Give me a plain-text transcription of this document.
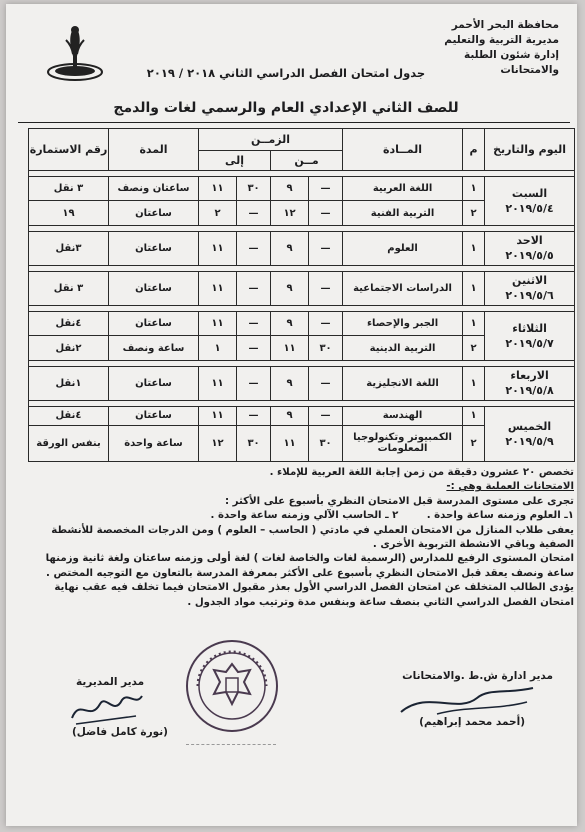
محافظة البحر الأحمر
مديرية التربية والتعليم
إدارة شئون الطلبة والامتحانات
جدول امتحان الفصل الدراسي الثاني ٢٠١٨ / ٢٠١٩
للصف الثاني الإعدادي العام والرسمي لغات والدمج
اليوم والتاريخ	م	المــادة	الزمــن				المدة	رقم الاستمارة
			مــن		إلى			

السبت
٢٠١٩/٥/٤	١	اللغة العربية	—	٩	٣٠	١١	ساعتان ونصف	٣ نقل
	٢	التربية الفنية	—	١٢	—	٢	ساعتان	١٩

الاحد
٢٠١٩/٥/٥	١	العلوم	—	٩	—	١١	ساعتان	٣نقل

الاثنين
٢٠١٩/٥/٦	١	الدراسات الاجتماعية	—	٩	—	١١	ساعتان	٣ نقل

الثلاثاء
٢٠١٩/٥/٧	١	الجبر والإحصاء	—	٩	—	١١	ساعتان	٤نقل
	٢	التربية الدينية	٣٠	١١	—	١	ساعة ونصف	٢نقل

الاربعاء
٢٠١٩/٥/٨	١	اللغة الانجليزية	—	٩	—	١١	ساعتان	١نقل

الخميس
٢٠١٩/٥/٩	١	الهندسة	—	٩	—	١١	ساعتان	٤نقل
	٢	الكمبيوتر وتكنولوجيا المعلومات	٣٠	١١	٣٠	١٢	ساعة واحدة	بنفس الورقة

تخصص ٢٠ عشرون دقيقة من زمن إجابة اللغة العربية للإملاء .

الامتحانات العملية وهي :-

تجرى على مستوى المدرسة قبل الامتحان النظري بأسبوع على الأكثر :

١ـ العلوم وزمنه ساعة واحدة .        ٢ ـ الحاسب الآلي وزمنه ساعة واحدة .

يعفى طلاب المنازل من الامتحان العملي في مادتي ( الحاسب – العلوم ) ومن الدرجات المخصصة للأنشطة الصفية وباقي الانشطة التربوية الأخرى .

امتحان المستوى الرفيع للمدارس (الرسمية لغات والخاصة لغات ) لغة أولى وزمنه ساعتان ولغة ثانية وزمنها ساعة ونصف يعقد قبل الامتحان النظري بأسبوع على الأكثر بمعرفة المدرسة بالتعاون مع التوجيه المختص .

يؤدى الطالب المتخلف عن امتحان الفصل الدراسي الأول بعذر مقبول الامتحان فيما تخلف فيه عقب نهاية امتحان الفصل الدراسي الثاني بنصف ساعة وبنفس مدة وترتيب مواد الجدول .

مدير ادارة ش.ط .والامتحانات
(أحمد محمد إبراهيم)
مدير المديرية
(نورة كامل فاضل)
